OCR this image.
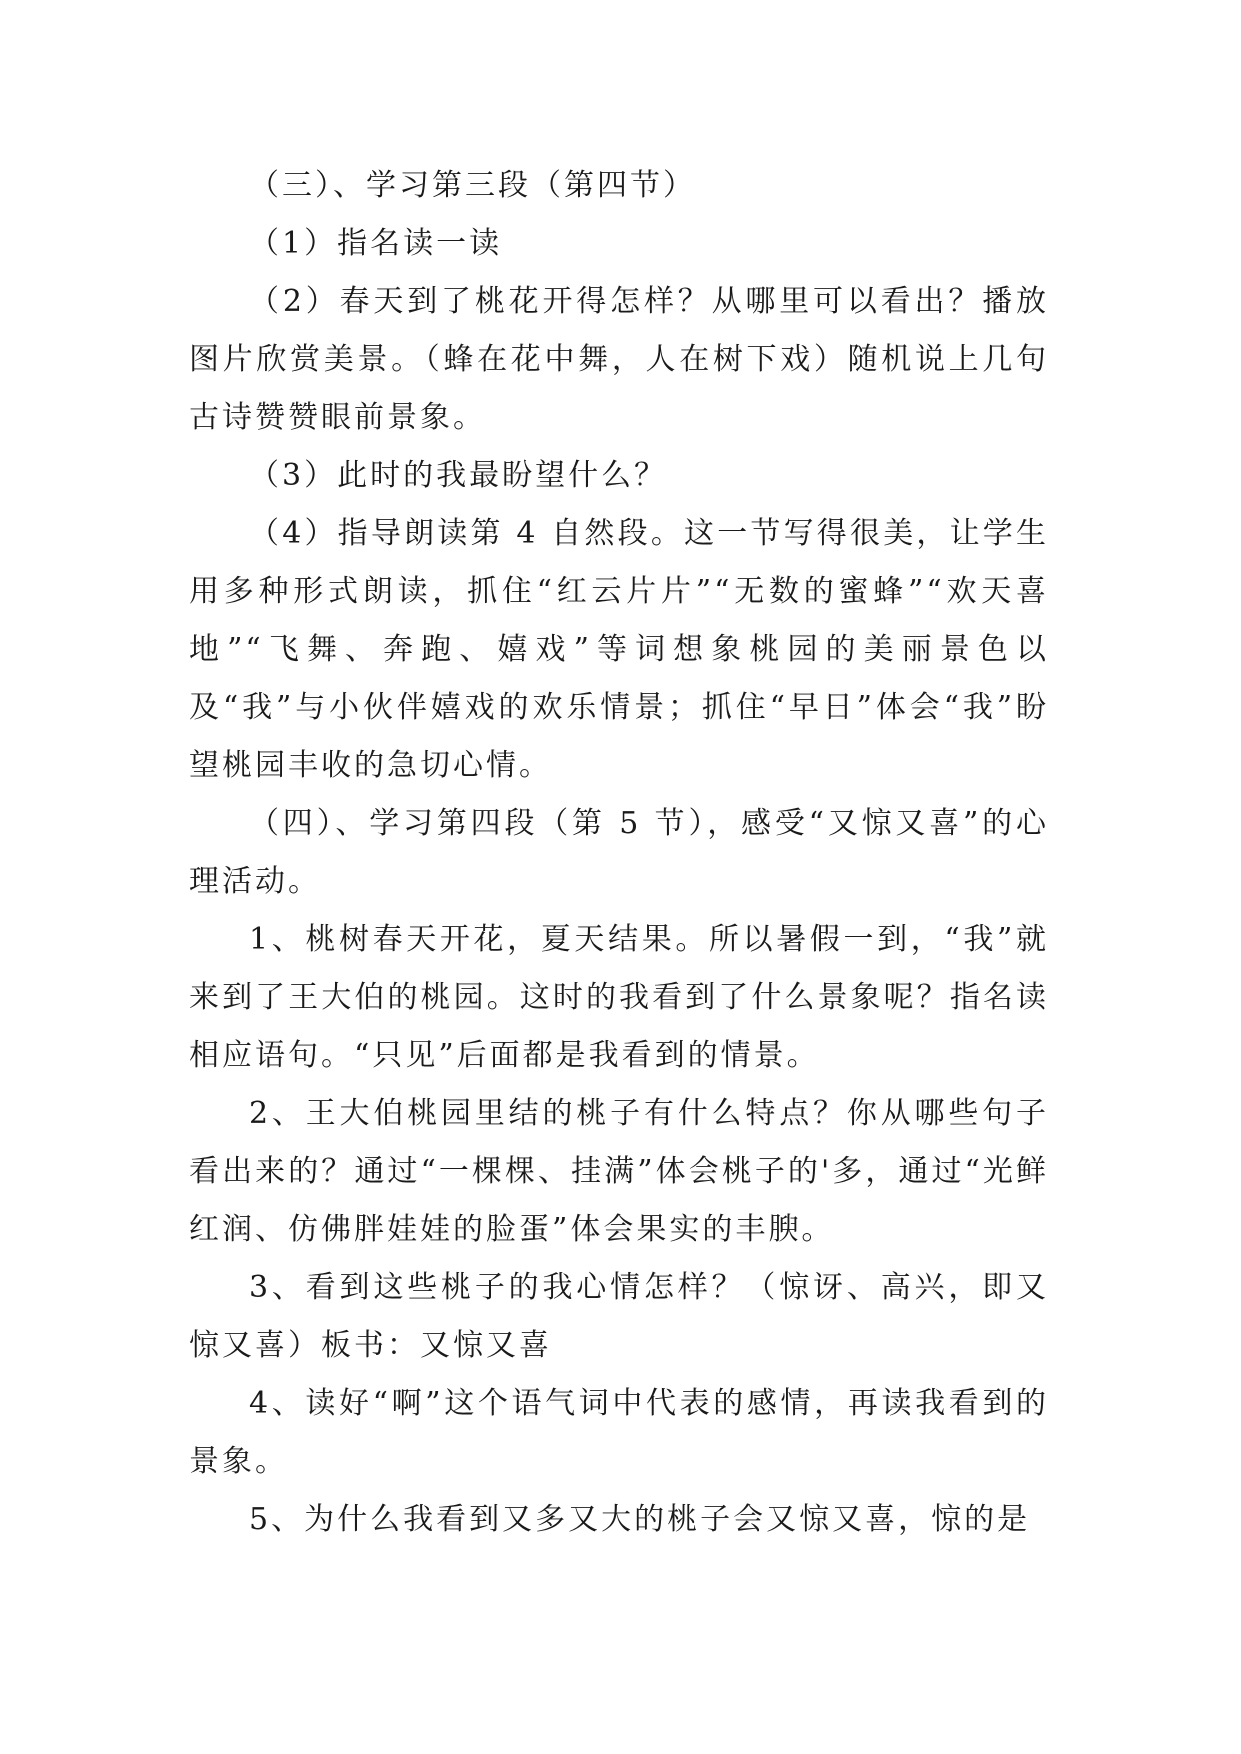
（三）、学习第三段（第四节）

（1）指名读一读

（2）春天到了桃花开得怎样？从哪里可以看出？播放图片欣赏美景。（蜂在花中舞，人在树下戏）随机说上几句古诗赞赞眼前景象。

（3）此时的我最盼望什么？

（4）指导朗读第 4 自然段。这一节写得很美，让学生用多种形式朗读，抓住“红云片片”“无数的蜜蜂”“欢天喜地”“飞舞、奔跑、嬉戏”等词想象桃园的美丽景色以及“我”与小伙伴嬉戏的欢乐情景；抓住“早日”体会“我”盼望桃园丰收的急切心情。

（四）、学习第四段（第 5 节），感受“又惊又喜”的心理活动。

1、桃树春天开花，夏天结果。所以暑假一到，“我”就来到了王大伯的桃园。这时的我看到了什么景象呢？指名读相应语句。“只见”后面都是我看到的情景。

2、王大伯桃园里结的桃子有什么特点？你从哪些句子看出来的？通过“一棵棵、挂满”体会桃子的'多，通过“光鲜红润、仿佛胖娃娃的脸蛋”体会果实的丰腴。

3、看到这些桃子的我心情怎样？（惊讶、高兴，即又惊又喜）板书：又惊又喜

4、读好“啊”这个语气词中代表的感情，再读我看到的景象。

5、为什么我看到又多又大的桃子会又惊又喜，惊的是
